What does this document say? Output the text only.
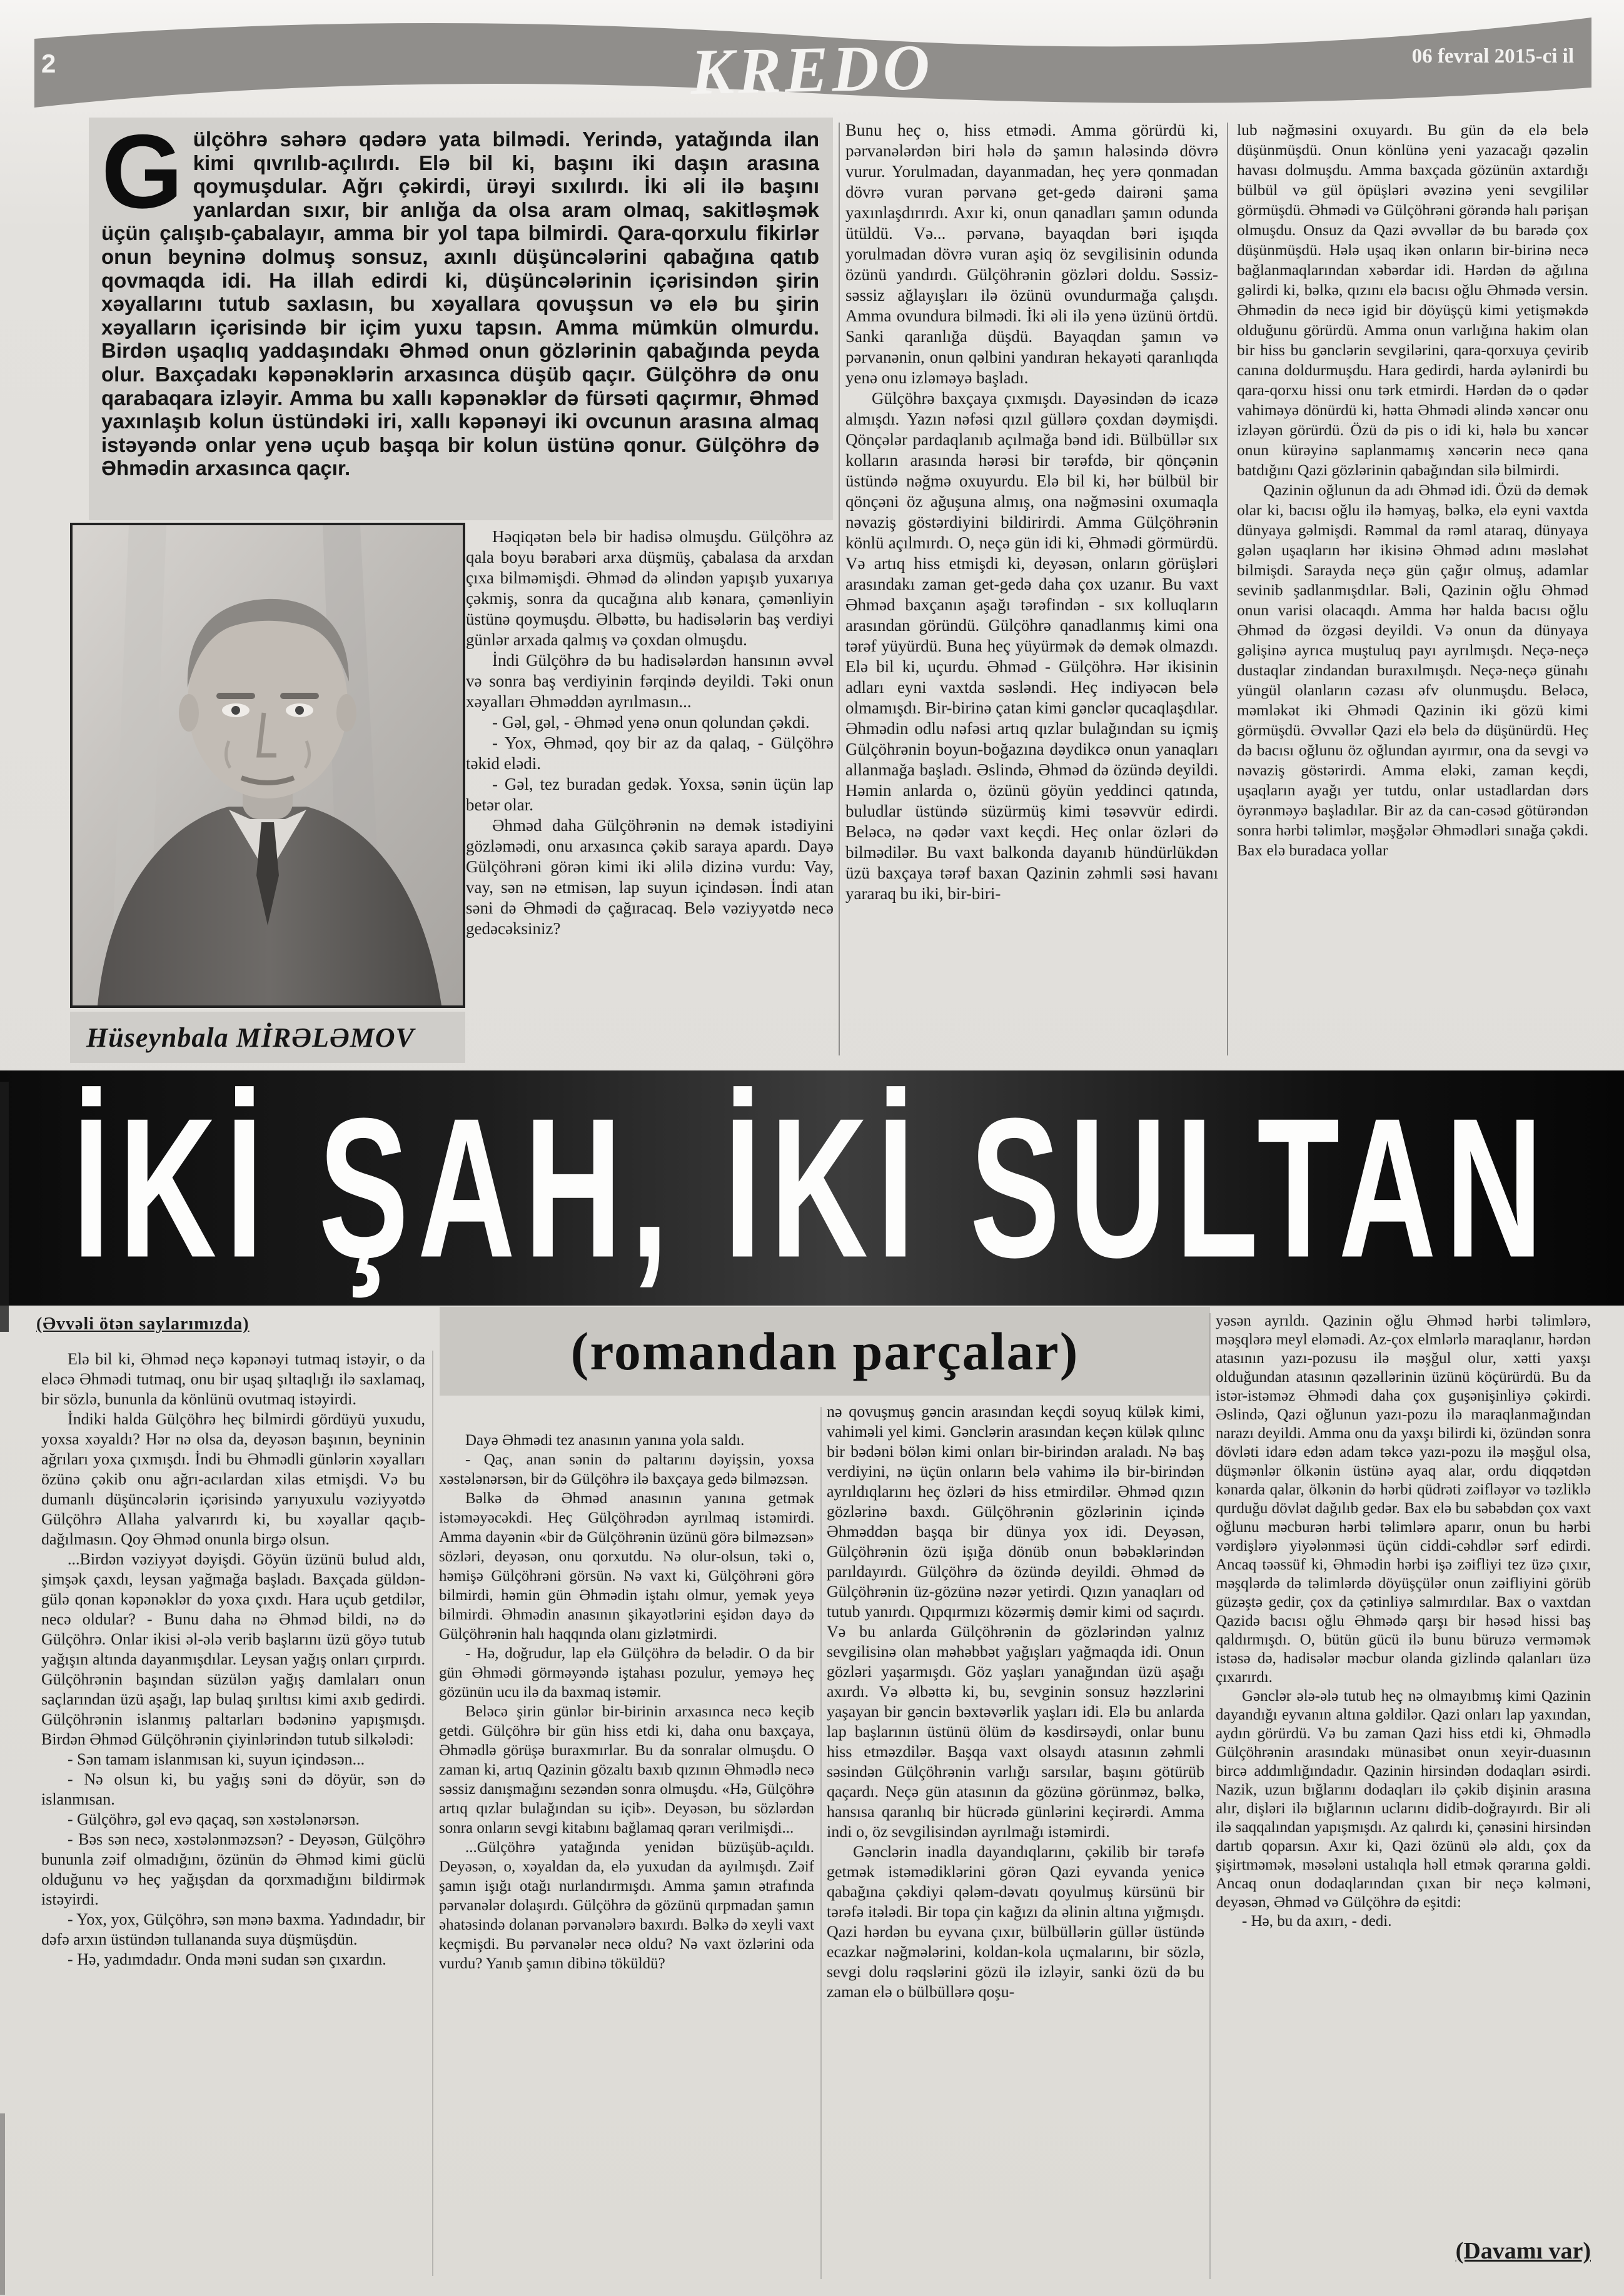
2	KREDO	06 fevral 2015-ci il

Gülçöhrə səhərə qədərə yata bilmədi. Yerində, yatağında ilan kimi qıvrılıb-açılırdı. Elə bil ki, başını iki daşın arasına qoymuşdular. Ağrı çəkirdi, ürəyi sıxılırdı. İki əli ilə başını yanlardan sıxır, bir anlığa da olsa aram olmaq, sakitləşmək üçün çalışıb-çabalayır, amma bir yol tapa bilmirdi. Qara-qorxulu fikirlər onun beyninə dolmuş sonsuz, axınlı düşüncələrini qabağına qatıb qovmaqda idi. Ha illah edirdi ki, düşüncələrinin içərisindən şirin xəyallarını tutub saxlasın, bu xəyallara qovuşsun və elə bu şirin xəyalların içərisində bir içim yuxu tapsın. Amma mümkün olmurdu. Birdən uşaqlıq yaddaşındakı Əhməd onun gözlərinin qabağında peyda olur. Baxçadakı kəpənəklərin arxasınca düşüb qaçır. Gülçöhrə də onu qarabaqara izləyir. Amma bu xallı kəpənəklər də fürsəti qaçırmır, Əhməd yaxınlaşıb kolun üstündəki iri, xallı kəpənəyi iki ovcunun arasına almaq istəyəndə onlar yenə uçub başqa bir kolun üstünə qonur. Gülçöhrə də Əhmədin arxasınca qaçır.

Hüseynbala MİRƏLƏMOV

Həqiqətən belə bir hadisə olmuşdu. Gülçöhrə az qala boyu bərabəri arxa düşmüş, çabalasa da arxdan çıxa bilməmişdi. Əhməd də əlindən yapışıb yuxarıya çəkmiş, sonra da qucağına alıb kənara, çəmənliyin üstünə qoymuşdu. Əlbəttə, bu hadisələrin baş verdiyi günlər arxada qalmış və çoxdan olmuşdu.

İndi Gülçöhrə də bu hadisələrdən hansının əvvəl və sonra baş verdiyinin fərqində deyildi. Təki onun xəyalları Əhməddən ayrılmasın...

- Gəl, gəl, - Əhməd yenə onun qolundan çəkdi.

- Yox, Əhməd, qoy bir az da qalaq, - Gülçöhrə təkid elədi.

- Gəl, tez buradan gedək. Yoxsa, sənin üçün lap betər olar.

Əhməd daha Gülçöhrənin nə demək istədiyini gözləmədi, onu arxasınca çəkib saraya apardı. Dayə Gülçöhrəni görən kimi iki əlilə dizinə vurdu: Vay, vay, sən nə etmisən, lap suyun içindəsən. İndi atan səni də Əhmədi də çağıracaq. Belə vəziyyətdə necə gedəcəksiniz?

Bunu heç o, hiss etmədi. Amma görürdü ki, pərvanələrdən biri hələ də şamın haləsində dövrə vurur. Yorulmadan, dayanmadan, heç yerə qonmadan dövrə vuran pərvanə get-gedə dairəni şama yaxınlaşdırırdı. Axır ki, onun qanadları şamın odunda ütüldü. Və... pərvanə, bayaqdan bəri işıqda yorulmadan dövrə vuran aşiq öz sevgilisinin odunda özünü yandırdı. Gülçöhrənin gözləri doldu. Səssiz-səssiz ağlayışları ilə özünü ovundurmağa çalışdı. Amma ovundura bilmədi. İki əli ilə yenə üzünü örtdü. Sanki qaranlığa düşdü. Bayaqdan şamın və pərvanənin, onun qəlbini yandıran hekayəti qaranlıqda yenə onu izləməyə başladı.

Gülçöhrə baxçaya çıxmışdı. Dayəsindən də icazə almışdı. Yazın nəfəsi qızıl güllərə çoxdan dəymişdi. Qönçələr pardaqlanıb açılmağa bənd idi. Bülbüllər sıx kolların arasında hərəsi bir tərəfdə, bir qönçənin üstündə nəğmə oxuyurdu. Elə bil ki, hər bülbül bir qönçəni öz ağuşuna almış, ona nəğməsini oxumaqla nəvaziş göstərdiyini bildirirdi. Amma Gülçöhrənin könlü açılmırdı. O, neçə gün idi ki, Əhmədi görmürdü. Və artıq hiss etmişdi ki, deyəsən, onların görüşləri arasındakı zaman get-gedə daha çox uzanır. Bu vaxt Əhməd baxçanın aşağı tərəfindən - sıx kolluqların arasından göründü. Gülçöhrə qanadlanmış kimi ona tərəf yüyürdü. Buna heç yüyürmək də demək olmazdı. Elə bil ki, uçurdu. Əhməd - Gülçöhrə. Hər ikisinin adları eyni vaxtda səsləndi. Heç indiyəcən belə olmamışdı. Bir-birinə çatan kimi gənclər qucaqlaşdılar. Əhmədin odlu nəfəsi artıq qızlar bulağından su içmiş Gülçöhrənin boyun-boğazına dəydikcə onun yanaqları allanmağa başladı. Əslində, Əhməd də özündə deyildi. Həmin anlarda o, özünü göyün yeddinci qatında, buludlar üstündə süzürmüş kimi təsəvvür edirdi. Beləcə, nə qədər vaxt keçdi. Heç onlar özləri də bilmədilər. Bu vaxt balkonda dayanıb hündürlükdən üzü baxçaya tərəf baxan Qazinin zəhmli səsi havanı yararaq bu iki, bir-biri-

lub nəğməsini oxuyardı. Bu gün də elə belə düşünmüşdü. Onun könlünə yeni yazacağı qəzəlin havası dolmuşdu. Amma baxçada gözünün axtardığı bülbül və gül öpüşləri əvəzinə yeni sevgililər görmüşdü. Əhmədi və Gülçöhrəni görəndə halı pərişan olmuşdu. Onsuz da Qazi əvvəllər də bu barədə çox düşünmüşdü. Hələ uşaq ikən onların bir-birinə necə bağlanmaqlarından xəbərdar idi. Hərdən də ağılına gəlirdi ki, bəlkə, qızını elə bacısı oğlu Əhmədə versin. Əhmədin də necə igid bir döyüşçü kimi yetişməkdə olduğunu görürdü. Amma onun varlığına hakim olan bir hiss bu gənclərin sevgilərini, qara-qorxuya çevirib canına doldurmuşdu. Hara gedirdi, harda əylənirdi bu qara-qorxu hissi onu tərk etmirdi. Hərdən də o qədər vahiməyə dönürdü ki, hətta Əhmədi əlində xəncər onu izləyən görürdü. Özü də pis o idi ki, hələ bu xəncər onun kürəyinə saplanmamış xəncərin necə qana batdığını Qazi gözlərinin qabağından silə bilmirdi.

Qazinin oğlunun da adı Əhməd idi. Özü də demək olar ki, bacısı oğlu ilə həmyaş, bəlkə, elə eyni vaxtda dünyaya gəlmişdi. Rəmmal da rəml ataraq, dünyaya gələn uşaqların hər ikisinə Əhməd adını məsləhət bilmişdi. Sarayda neçə gün çağır olmuş, adamlar sevinib şadlanmışdılar. Bəli, Qazinin oğlu Əhməd onun varisi olacaqdı. Amma hər halda bacısı oğlu Əhməd də özgəsi deyildi. Və onun da dünyaya gəlişinə ayrıca muştuluq payı ayrılmışdı. Neçə-neçə dustaqlar zindandan buraxılmışdı. Neçə-neçə günahı yüngül olanların cəzası əfv olunmuşdu. Beləcə, məmləkət iki Əhmədi Qazinin iki gözü kimi görmüşdü. Əvvəllər Qazi elə belə də düşünürdü. Heç də bacısı oğlunu öz oğlundan ayırmır, ona da sevgi və nəvaziş göstərirdi. Amma eləki, zaman keçdi, uşaqların ayağı yer tutdu, onlar ustadlardan dərs öyrənməyə başladılar. Bir az da can-cəsəd götürəndən sonra hərbi təlimlər, məşğələr Əhmədləri sınağa çəkdi. Bax elə buradaca yollar

İKİ ŞAH, İKİ SULTAN
(Əvvəli ötən saylarımızda)	(romandan parçalar)

Elə bil ki, Əhməd neçə kəpənəyi tutmaq istəyir, o da eləcə Əhmədi tutmaq, onu bir uşaq şıltaqlığı ilə saxlamaq, bir sözlə, bununla da könlünü ovutmaq istəyirdi.

İndiki halda Gülçöhrə heç bilmirdi gördüyü yuxudu, yoxsa xəyaldı? Hər nə olsa da, deyəsən başının, beyninin ağrıları yoxa çıxmışdı. İndi bu Əhmədli günlərin xəyalları özünə çəkib onu ağrı-acılardan xilas etmişdi. Və bu dumanlı düşüncələrin içərisində yarıyuxulu vəziyyətdə Gülçöhrə Allaha yalvarırdı ki, bu xəyallar qaçıb-dağılmasın. Qoy Əhməd onunla birgə olsun.

...Birdən vəziyyət dəyişdi. Göyün üzünü bulud aldı, şimşək çaxdı, leysan yağmağa başladı. Baxçada güldən-gülə qonan kəpənəklər də yoxa çıxdı. Hara uçub getdilər, necə oldular? - Bunu daha nə Əhməd bildi, nə də Gülçöhrə. Onlar ikisi əl-ələ verib başlarını üzü göyə tutub yağışın altında dayanmışdılar. Leysan yağış onları çırpırdı. Gülçöhrənin başından süzülən yağış damlaları onun saçlarından üzü aşağı, lap bulaq şırıltısı kimi axıb gedirdi. Gülçöhrənin islanmış paltarları bədəninə yapışmışdı. Birdən Əhməd Gülçöhrənin çiyinlərindən tutub silkələdi:

- Sən tamam islanmısan ki, suyun içindəsən...

- Nə olsun ki, bu yağış səni də döyür, sən də islanmısan.

- Gülçöhrə, gəl evə qaçaq, sən xəstələnərsən.

- Bəs sən necə, xəstələnməzsən? - Deyəsən, Gülçöhrə bununla zəif olmadığını, özünün də Əhməd kimi güclü olduğunu və heç yağışdan da qorxmadığını bildirmək istəyirdi.

- Yox, yox, Gülçöhrə, sən mənə baxma. Yadındadır, bir dəfə arxın üstündən tullananda suya düşmüşdün.

- Hə, yadımdadır. Onda məni sudan sən çıxardın.

Dayə Əhmədi tez anasının yanına yola saldı.

- Qaç, anan sənin də paltarını dəyişsin, yoxsa xəstələnərsən, bir də Gülçöhrə ilə baxçaya gedə bilməzsən.

Bəlkə də Əhməd anasının yanına getmək istəməyəcəkdi. Heç Gülçöhrədən ayrılmaq istəmirdi. Amma dayənin «bir də Gülçöhrənin üzünü görə bilməzsən» sözləri, deyəsən, onu qorxutdu. Nə olur-olsun, təki o, həmişə Gülçöhrəni görsün. Nə vaxt ki, Gülçöhrəni görə bilmirdi, həmin gün Əhmədin iştahı olmur, yemək yeyə bilmirdi. Əhmədin anasının şikayətlərini eşidən dayə də Gülçöhrənin halı haqqında olanı gizlətmirdi.

- Hə, doğrudur, lap elə Gülçöhrə də belədir. O da bir gün Əhmədi görməyəndə iştahası pozulur, yeməyə heç gözünün ucu ilə da baxmaq istəmir.

Beləcə şirin günlər bir-birinin arxasınca necə keçib getdi. Gülçöhrə bir gün hiss etdi ki, daha onu baxçaya, Əhmədlə görüşə buraxmırlar. Bu da sonralar olmuşdu. O zaman ki, artıq Qazinin gözaltı baxıb qızının Əhmədlə necə səssiz danışmağını sezəndən sonra olmuşdu. «Hə, Gülçöhrə artıq qızlar bulağından su içib». Deyəsən, bu sözlərdən sonra onların sevgi kitabını bağlamaq qərarı verilmişdi...

...Gülçöhrə yatağında yenidən büzüşüb-açıldı. Deyəsən, o, xəyaldan da, elə yuxudan da ayılmışdı. Zəif şamın işığı otağı nurlandırmışdı. Amma şamın ətrafında pərvanələr dolaşırdı. Gülçöhrə də gözünü qırpmadan şamın əhatəsində dolanan pərvanələrə baxırdı. Bəlkə də xeyli vaxt keçmişdi. Bu pərvanələr necə oldu? Nə vaxt özlərini oda vurdu? Yanıb şamın dibinə töküldü?

nə qovuşmuş gəncin arasından keçdi soyuq külək kimi, vahiməli yel kimi. Gənclərin arasından keçən külək qılınc bir bədəni bölən kimi onları bir-birindən araladı. Nə baş verdiyini, nə üçün onların belə vahimə ilə bir-birindən ayrıldıqlarını heç özləri də hiss etmirdilər. Əhməd qızın gözlərinə baxdı. Gülçöhrənin gözlərinin içində Əhməddən başqa bir dünya yox idi. Deyəsən, Gülçöhrənin özü işığa dönüb onun bəbəklərindən parıldayırdı. Gülçöhrə də özündə deyildi. Əhməd də Gülçöhrənin üz-gözünə nəzər yetirdi. Qızın yanaqları od tutub yanırdı. Qıpqırmızı közərmiş dəmir kimi od saçırdı. Və bu anlarda Gülçöhrənin də gözlərindən yalnız sevgilisinə olan məhəbbət yağışları yağmaqda idi. Onun gözləri yaşarmışdı. Göz yaşları yanağından üzü aşağı axırdı. Və əlbəttə ki, bu, sevginin sonsuz həzzlərini yaşayan bir gəncin bəxtəvərlik yaşları idi. Elə bu anlarda lap başlarının üstünü ölüm də kəsdirsəydi, onlar bunu hiss etməzdilər. Başqa vaxt olsaydı atasının zəhmli səsindən Gülçöhrənin varlığı sarsılar, başını götürüb qaçardı. Neçə gün atasının da gözünə görünməz, bəlkə, hansısa qaranlıq bir hücrədə günlərini keçirərdi. Amma indi o, öz sevgilisindən ayrılmağı istəmirdi.

Gənclərin inadla dayandıqlarını, çəkilib bir tərəfə getmək istəmədiklərini görən Qazi eyvanda yenicə qabağına çəkdiyi qələm-dəvatı qoyulmuş kürsünü bir tərəfə itələdi. Bir topa çin kağızı da əlinin altına yığmışdı. Qazi hərdən bu eyvana çıxır, bülbüllərin güllər üstündə ecazkar nəğmələrini, koldan-kola uçmalarını, bir sözlə, sevgi dolu rəqslərini gözü ilə izləyir, sanki özü də bu zaman elə o bülbüllərə qoşu-

yəsən ayrıldı. Qazinin oğlu Əhməd hərbi təlimlərə, məşqlərə meyl eləmədi. Az-çox elmlərlə maraqlanır, hərdən atasının yazı-pozusu ilə məşğul olur, xətti yaxşı olduğundan atasının qəzəllərinin üzünü köçürürdü. Bu da istər-istəməz Əhmədi daha çox guşənişinliyə çəkirdi. Əslində, Qazi oğlunun yazı-pozu ilə maraqlanmağından narazı deyildi. Amma onu da yaxşı bilirdi ki, özündən sonra dövləti idarə edən adam təkcə yazı-pozu ilə məşğul olsa, düşmənlər ölkənin üstünə ayaq alar, ordu diqqətdən kənarda qalar, ölkənin də hərbi qüdrəti zəifləyər və təzliklə qurduğu dövlət dağılıb gedər. Bax elə bu səbəbdən çox vaxt oğlunu məcburən hərbi təlimlərə aparır, onun bu hərbi vərdişlərə yiyələnməsi üçün ciddi-cəhdlər sərf edirdi. Ancaq təəssüf ki, Əhmədin hərbi işə zəifliyi tez üzə çıxır, məşqlərdə də təlimlərdə döyüşçülər onun zəifliyini görüb güzəştə gedir, çox da çətinliyə salmırdılar. Bax o vaxtdan Qazidə bacısı oğlu Əhmədə qarşı bir həsəd hissi baş qaldırmışdı. O, bütün gücü ilə bunu büruzə verməmək istəsə də, hadisələr məcbur olanda gizlində qalanları üzə çıxarırdı.

Gənclər ələ-ələ tutub heç nə olmayıbmış kimi Qazinin dayandığı eyvanın altına gəldilər. Qazi onları lap yaxından, aydın görürdü. Və bu zaman Qazi hiss etdi ki, Əhmədlə Gülçöhrənin arasındakı münasibət onun xeyir-duasının bircə addımlığındadır. Qazinin hirsindən dodaqları əsirdi. Nazik, uzun bığlarını dodaqları ilə çəkib dişinin arasına alır, dişləri ilə bığlarının uclarını didib-doğrayırdı. Bir əli ilə saqqalından yapışmışdı. Az qalırdı ki, çənəsini hirsindən dartıb qoparsın. Axır ki, Qazi özünü ələ aldı, çox da şişirtməmək, məsələni ustalıqla həll etmək qərarına gəldi. Ancaq onun dodaqlarından çıxan bir neçə kəlməni, deyəsən, Əhməd və Gülçöhrə də eşitdi:

- Hə, bu da axırı, - dedi.

(Davamı var)
